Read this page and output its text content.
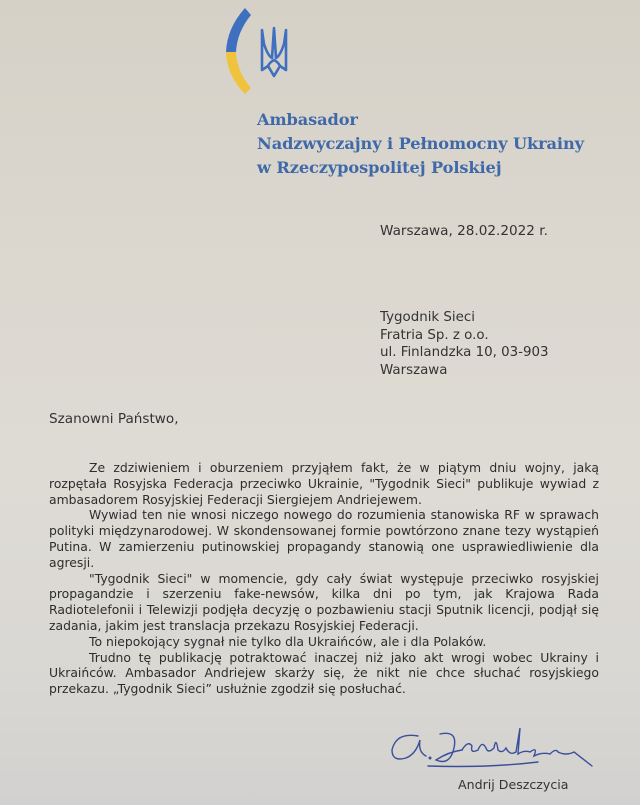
Ambasador
Nadzwyczajny i Pełnomocny Ukrainy
w Rzeczypospolitej Polskiej
Warszawa, 28.02.2022 r.
Tygodnik Sieci
Fratria Sp. z o.o.
ul. Finlandzka 10, 03-903
Warszawa
Szanowni Państwo,

Ze zdziwieniem i oburzeniem przyjąłem fakt, że w piątym dniu wojny, jaką rozpętała Rosyjska Federacja przeciwko Ukrainie, "Tygodnik Sieci" publikuje wywiad z ambasadorem Rosyjskiej Federacji Siergiejem Andriejewem.

Wywiad ten nie wnosi niczego nowego do rozumienia stanowiska RF w sprawach polityki międzynarodowej. W skondensowanej formie powtórzono znane tezy wystąpień Putina. W zamierzeniu putinowskiej propagandy stanowią one usprawiedliwienie dla agresji.

"Tygodnik Sieci" w momencie, gdy cały świat występuje przeciwko rosyjskiej propagandzie i szerzeniu fake-newsów, kilka dni po tym, jak Krajowa Rada Radiotelefonii i Telewizji podjęła decyzję o pozbawieniu stacji Sputnik licencji, podjął się zadania, jakim jest translacja przekazu Rosyjskiej Federacji.

To niepokojący sygnał nie tylko dla Ukraińców, ale i dla Polaków.

Trudno tę publikację potraktować inaczej niż jako akt wrogi wobec Ukrainy i Ukraińców. Ambasador Andriejew skarży się, że nikt nie chce słuchać rosyjskiego przekazu. „Tygodnik Sieci” usłużnie zgodził się posłuchać.

Andrij Deszczycia
